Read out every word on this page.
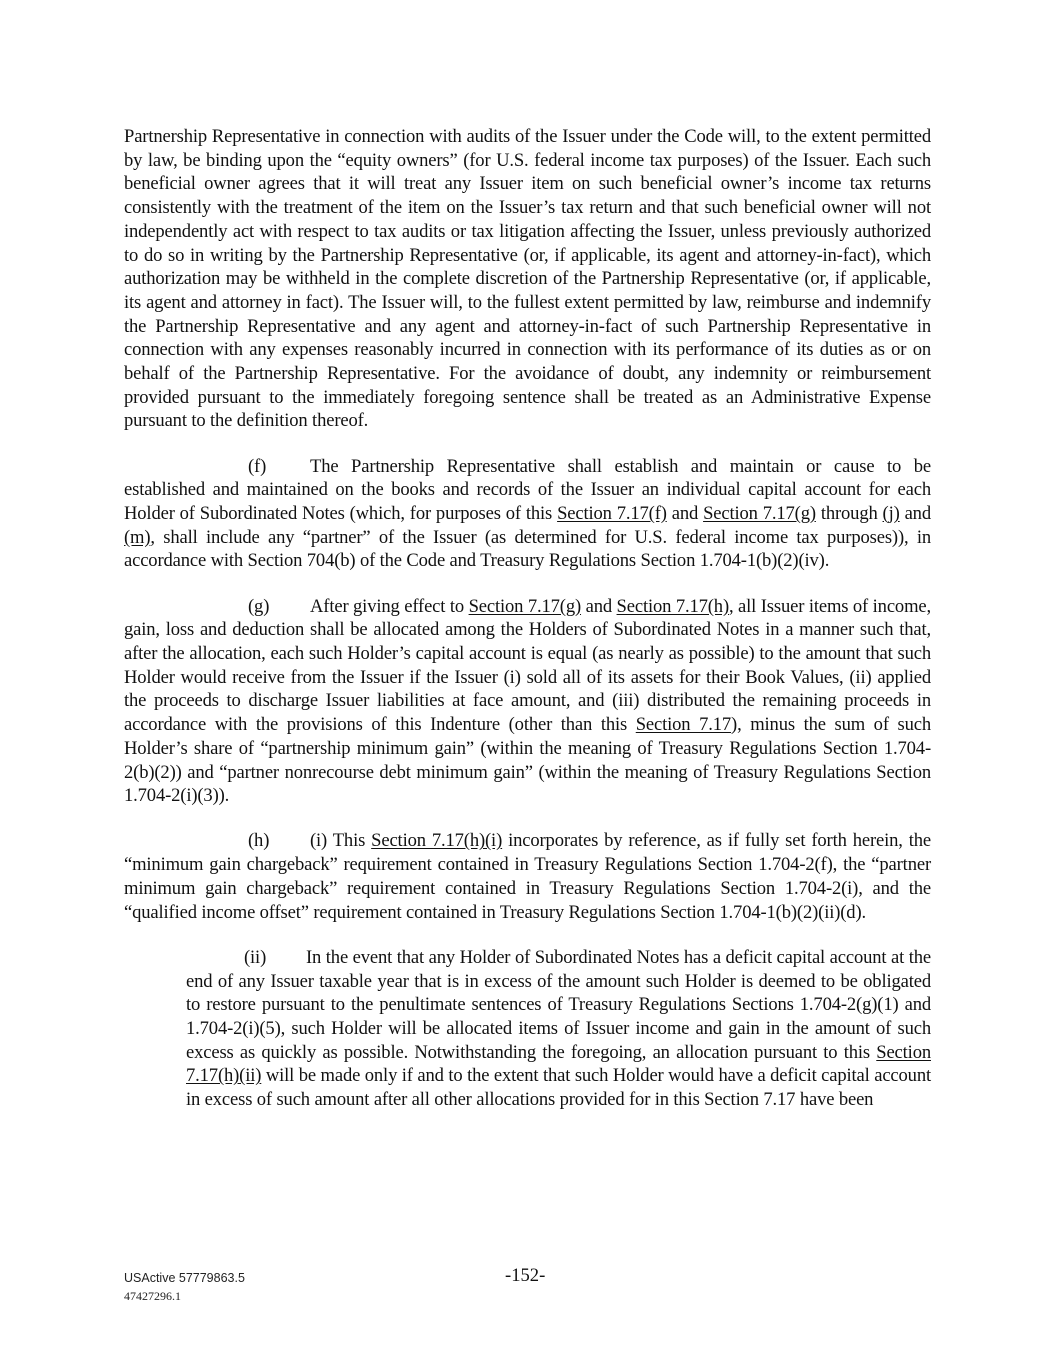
Partnership Representative in connection with audits of the Issuer under the Code will, to the extent permitted by law, be binding upon the “equity owners” (for U.S. federal income tax purposes) of the Issuer. Each such beneficial owner agrees that it will treat any Issuer item on such beneficial owner’s income tax returns consistently with the treatment of the item on the Issuer’s tax return and that such beneficial owner will not independently act with respect to tax audits or tax litigation affecting the Issuer, unless previously authorized to do so in writing by the Partnership Representative (or, if applicable, its agent and attorney-in-fact), which authorization may be withheld in the complete discretion of the Partnership Representative (or, if applicable, its agent and attorney in fact). The Issuer will, to the fullest extent permitted by law, reimburse and indemnify the Partnership Representative and any agent and attorney-in-fact of such Partnership Representative in connection with any expenses reasonably incurred in connection with its performance of its duties as or on behalf of the Partnership Representative. For the avoidance of doubt, any indemnity or reimbursement provided pursuant to the immediately foregoing sentence shall be treated as an Administrative Expense pursuant to the definition thereof.

(f) The Partnership Representative shall establish and maintain or cause to be established and maintained on the books and records of the Issuer an individual capital account for each Holder of Subordinated Notes (which, for purposes of this Section 7.17(f) and Section 7.17(g) through (j) and (m), shall include any “partner” of the Issuer (as determined for U.S. federal income tax purposes)), in accordance with Section 704(b) of the Code and Treasury Regulations Section 1.704-1(b)(2)(iv).

(g) After giving effect to Section 7.17(g) and Section 7.17(h), all Issuer items of income, gain, loss and deduction shall be allocated among the Holders of Subordinated Notes in a manner such that, after the allocation, each such Holder’s capital account is equal (as nearly as possible) to the amount that such Holder would receive from the Issuer if the Issuer (i) sold all of its assets for their Book Values, (ii) applied the proceeds to discharge Issuer liabilities at face amount, and (iii) distributed the remaining proceeds in accordance with the provisions of this Indenture (other than this Section 7.17), minus the sum of such Holder’s share of “partnership minimum gain” (within the meaning of Treasury Regulations Section 1.704-2(b)(2)) and “partner nonrecourse debt minimum gain” (within the meaning of Treasury Regulations Section 1.704-2(i)(3)).

(h) (i) This Section 7.17(h)(i) incorporates by reference, as if fully set forth herein, the “minimum gain chargeback” requirement contained in Treasury Regulations Section 1.704-2(f), the “partner minimum gain chargeback” requirement contained in Treasury Regulations Section 1.704-2(i), and the “qualified income offset” requirement contained in Treasury Regulations Section 1.704-1(b)(2)(ii)(d).

(ii) In the event that any Holder of Subordinated Notes has a deficit capital account at the end of any Issuer taxable year that is in excess of the amount such Holder is deemed to be obligated to restore pursuant to the penultimate sentences of Treasury Regulations Sections 1.704-2(g)(1) and 1.704-2(i)(5), such Holder will be allocated items of Issuer income and gain in the amount of such excess as quickly as possible. Notwithstanding the foregoing, an allocation pursuant to this Section 7.17(h)(ii) will be made only if and to the extent that such Holder would have a deficit capital account in excess of such amount after all other allocations provided for in this Section 7.17 have been

USActive 57779863.5
47427296.1
-152-
